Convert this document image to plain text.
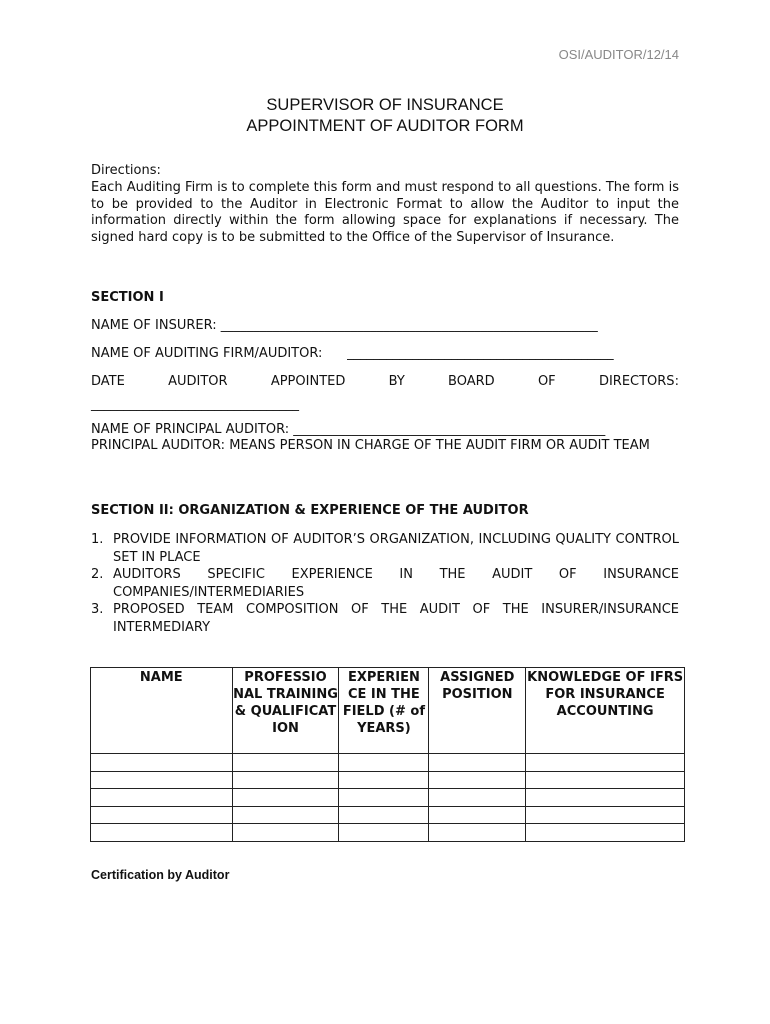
OSI/AUDITOR/12/14
SUPERVISOR OF INSURANCE
APPOINTMENT OF AUDITOR FORM
Directions:
Each Auditing Firm is to complete this form and must respond to all questions. The form is to be provided to the Auditor in Electronic Format to allow the Auditor to input the information directly within the form allowing space for explanations if necessary. The signed hard copy is to be submitted to the Office of the Supervisor of Insurance.
SECTION I
NAME OF INSURER: __________________________________________________________
NAME OF AUDITING FIRM/AUDITOR: _________________________________________
DATE	AUDITOR	APPOINTED	BY	BOARD	OF	DIRECTORS:
________________________________
NAME OF PRINCIPAL AUDITOR: ________________________________________________
PRINCIPAL AUDITOR: MEANS PERSON IN CHARGE OF THE AUDIT FIRM OR AUDIT TEAM
SECTION II: ORGANIZATION & EXPERIENCE OF THE AUDITOR
1. PROVIDE INFORMATION OF AUDITOR’S ORGANIZATION, INCLUDING QUALITY CONTROL SET IN PLACE
2. AUDITORS SPECIFIC EXPERIENCE IN THE AUDIT OF INSURANCE COMPANIES/INTERMEDIARIES
3. PROPOSED TEAM COMPOSITION OF THE AUDIT OF THE INSURER/INSURANCE INTERMEDIARY
NAME	PROFESSIO NAL TRAINING & QUALIFICAT ION	EXPERIEN CE IN THE FIELD (# of YEARS)	ASSIGNED POSITION	KNOWLEDGE OF IFRS FOR INSURANCE ACCOUNTING

Certification by Auditor
